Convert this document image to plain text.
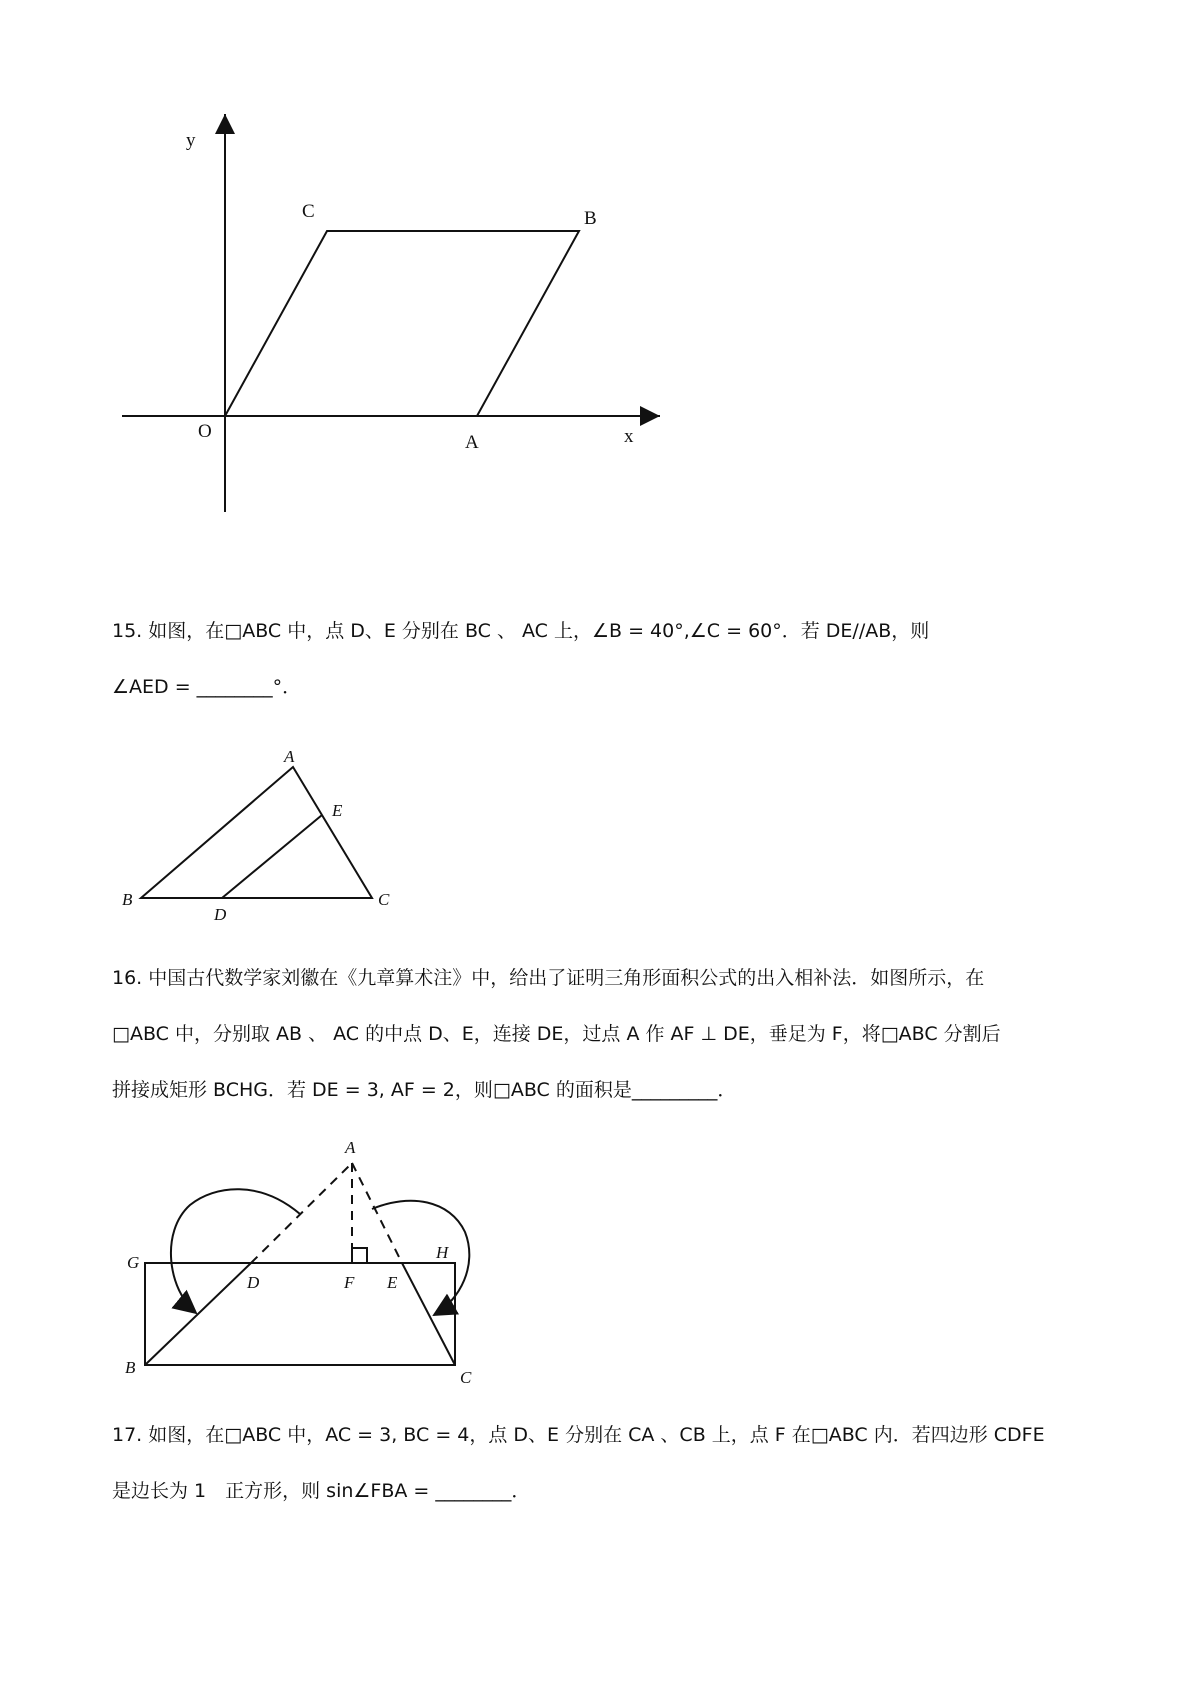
y
x
O
A
B
C

15. 如图，在□ABC 中，点 D、E 分别在 BC 、 AC 上，∠B = 40°,∠C = 60°．若 DE//AB，则
∠AED = ________°．

A
B	C
D
E

16. 中国古代数学家刘徽在《九章算术注》中，给出了证明三角形面积公式的出入相补法．如图所示，在
□ABC 中，分别取 AB 、 AC 的中点 D、E，连接 DE，过点 A 作 AF ⊥ DE，垂足为 F，将□ABC 分割后
拼接成矩形 BCHG．若 DE = 3, AF = 2，则□ABC 的面积是_________．

A
G
H
D	F E
B
C

17. 如图，在□ABC 中，AC = 3, BC = 4，点 D、E 分别在 CA 、CB 上，点 F 在□ABC 内．若四边形 CDFE
是边长为 1　正方形，则 sin∠FBA = ________．
